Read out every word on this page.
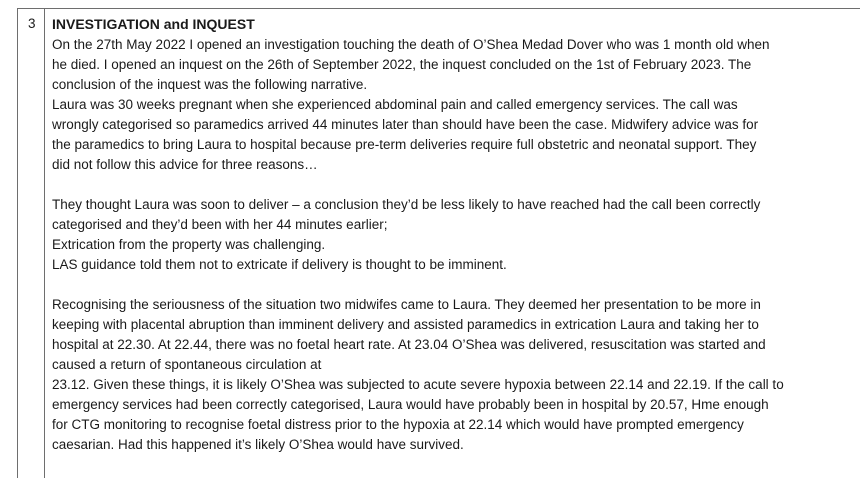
3 INVESTIGATION and INQUEST

On the 27th May 2022 I opened an investigation touching the death of O’Shea Medad Dover who was 1 month old when

he died. I opened an inquest on the 26th of September 2022, the inquest concluded on the 1st of February 2023. The

conclusion of the inquest was the following narrative.

Laura was 30 weeks pregnant when she experienced abdominal pain and called emergency services. The call was

wrongly categorised so paramedics arrived 44 minutes later than should have been the case. Midwifery advice was for

the paramedics to bring Laura to hospital because pre-term deliveries require full obstetric and neonatal support. They

did not follow this advice for three reasons…

They thought Laura was soon to deliver – a conclusion they’d be less likely to have reached had the call been correctly

categorised and they’d been with her 44 minutes earlier;

Extrication from the property was challenging.

LAS guidance told them not to extricate if delivery is thought to be imminent.

Recognising the seriousness of the situation two midwifes came to Laura. They deemed her presentation to be more in

keeping with placental abruption than imminent delivery and assisted paramedics in extrication Laura and taking her to

hospital at 22.30. At 22.44, there was no foetal heart rate. At 23.04 O’Shea was delivered, resuscitation was started and

caused a return of spontaneous circulation at

23.12. Given these things, it is likely O’Shea was subjected to acute severe hypoxia between 22.14 and 22.19. If the call to

emergency services had been correctly categorised, Laura would have probably been in hospital by 20.57, Hme enough

for CTG monitoring to recognise foetal distress prior to the hypoxia at 22.14 which would have prompted emergency

caesarian. Had this happened it’s likely O’Shea would have survived.
